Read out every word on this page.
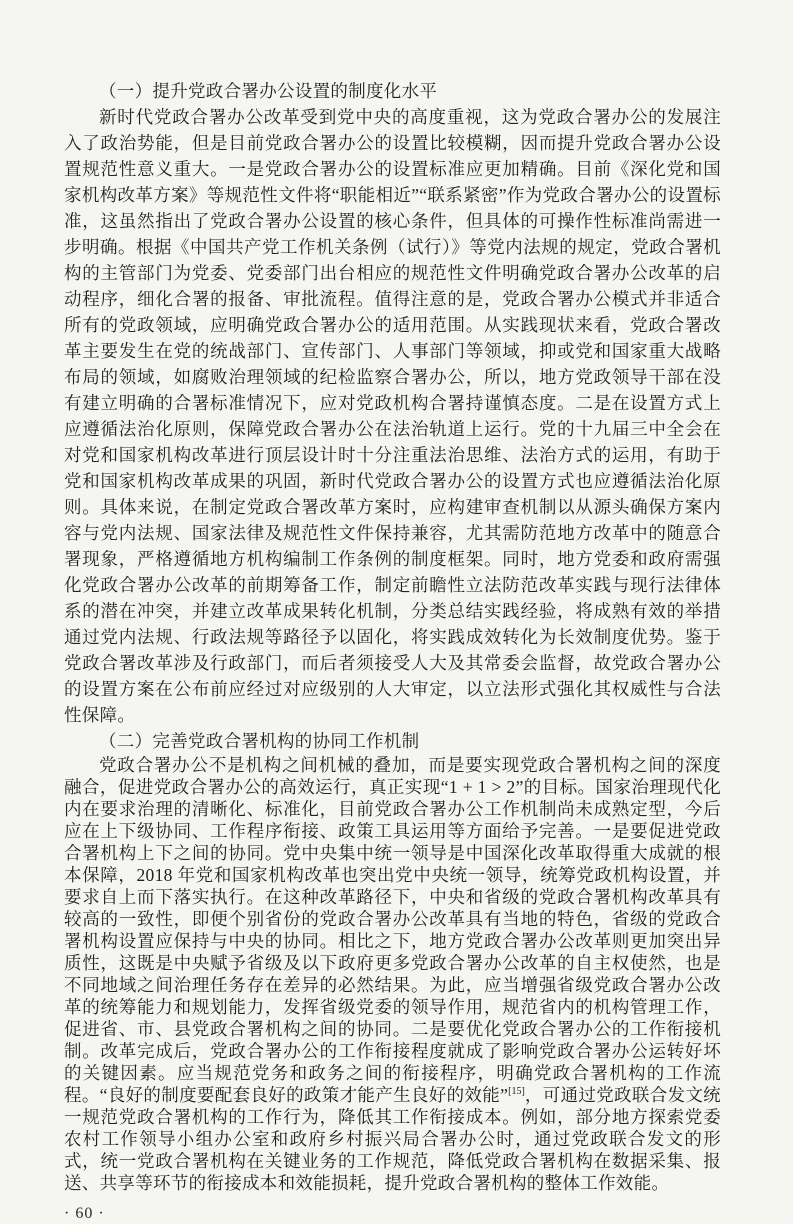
（一）提升党政合署办公设置的制度化水平

新时代党政合署办公改革受到党中央的高度重视，这为党政合署办公的发展注入了政治势能，但是目前党政合署办公的设置比较模糊，因而提升党政合署办公设置规范性意义重大。一是党政合署办公的设置标准应更加精确。目前《深化党和国家机构改革方案》等规范性文件将“职能相近”“联系紧密”作为党政合署办公的设置标准，这虽然指出了党政合署办公设置的核心条件，但具体的可操作性标准尚需进一步明确。根据《中国共产党工作机关条例（试行）》等党内法规的规定，党政合署机构的主管部门为党委、党委部门出台相应的规范性文件明确党政合署办公改革的启动程序，细化合署的报备、审批流程。值得注意的是，党政合署办公模式并非适合所有的党政领域，应明确党政合署办公的适用范围。从实践现状来看，党政合署改革主要发生在党的统战部门、宣传部门、人事部门等领域，抑或党和国家重大战略布局的领域，如腐败治理领域的纪检监察合署办公，所以，地方党政领导干部在没有建立明确的合署标准情况下，应对党政机构合署持谨慎态度。二是在设置方式上应遵循法治化原则，保障党政合署办公在法治轨道上运行。党的十九届三中全会在对党和国家机构改革进行顶层设计时十分注重法治思维、法治方式的运用，有助于党和国家机构改革成果的巩固，新时代党政合署办公的设置方式也应遵循法治化原则。具体来说，在制定党政合署改革方案时，应构建审查机制以从源头确保方案内容与党内法规、国家法律及规范性文件保持兼容，尤其需防范地方改革中的随意合署现象，严格遵循地方机构编制工作条例的制度框架。同时，地方党委和政府需强化党政合署办公改革的前期筹备工作，制定前瞻性立法防范改革实践与现行法律体系的潜在冲突，并建立改革成果转化机制，分类总结实践经验，将成熟有效的举措通过党内法规、行政法规等路径予以固化，将实践成效转化为长效制度优势。鉴于党政合署改革涉及行政部门，而后者须接受人大及其常委会监督，故党政合署办公的设置方案在公布前应经过对应级别的人大审定，以立法形式强化其权威性与合法性保障。

（二）完善党政合署机构的协同工作机制

党政合署办公不是机构之间机械的叠加，而是要实现党政合署机构之间的深度融合，促进党政合署办公的高效运行，真正实现“1 + 1 > 2”的目标。国家治理现代化内在要求治理的清晰化、标准化，目前党政合署办公工作机制尚未成熟定型，今后应在上下级协同、工作程序衔接、政策工具运用等方面给予完善。一是要促进党政合署机构上下之间的协同。党中央集中统一领导是中国深化改革取得重大成就的根本保障，2018 年党和国家机构改革也突出党中央统一领导，统筹党政机构设置，并要求自上而下落实执行。在这种改革路径下，中央和省级的党政合署机构改革具有较高的一致性，即便个别省份的党政合署办公改革具有当地的特色，省级的党政合署机构设置应保持与中央的协同。相比之下，地方党政合署办公改革则更加突出异质性，这既是中央赋予省级及以下政府更多党政合署办公改革的自主权使然，也是不同地域之间治理任务存在差异的必然结果。为此，应当增强省级党政合署办公改革的统筹能力和规划能力，发挥省级党委的领导作用，规范省内的机构管理工作，促进省、市、县党政合署机构之间的协同。二是要优化党政合署办公的工作衔接机制。改革完成后，党政合署办公的工作衔接程度就成了影响党政合署办公运转好坏的关键因素。应当规范党务和政务之间的衔接程序，明确党政合署机构的工作流程。“良好的制度要配套良好的政策才能产生良好的效能”[15]，可通过党政联合发文统一规范党政合署机构的工作行为，降低其工作衔接成本。例如，部分地方探索党委农村工作领导小组办公室和政府乡村振兴局合署办公时，通过党政联合发文的形式，统一党政合署机构在关键业务的工作规范，降低党政合署机构在数据采集、报送、共享等环节的衔接成本和效能损耗，提升党政合署机构的整体工作效能。

· 60 ·
